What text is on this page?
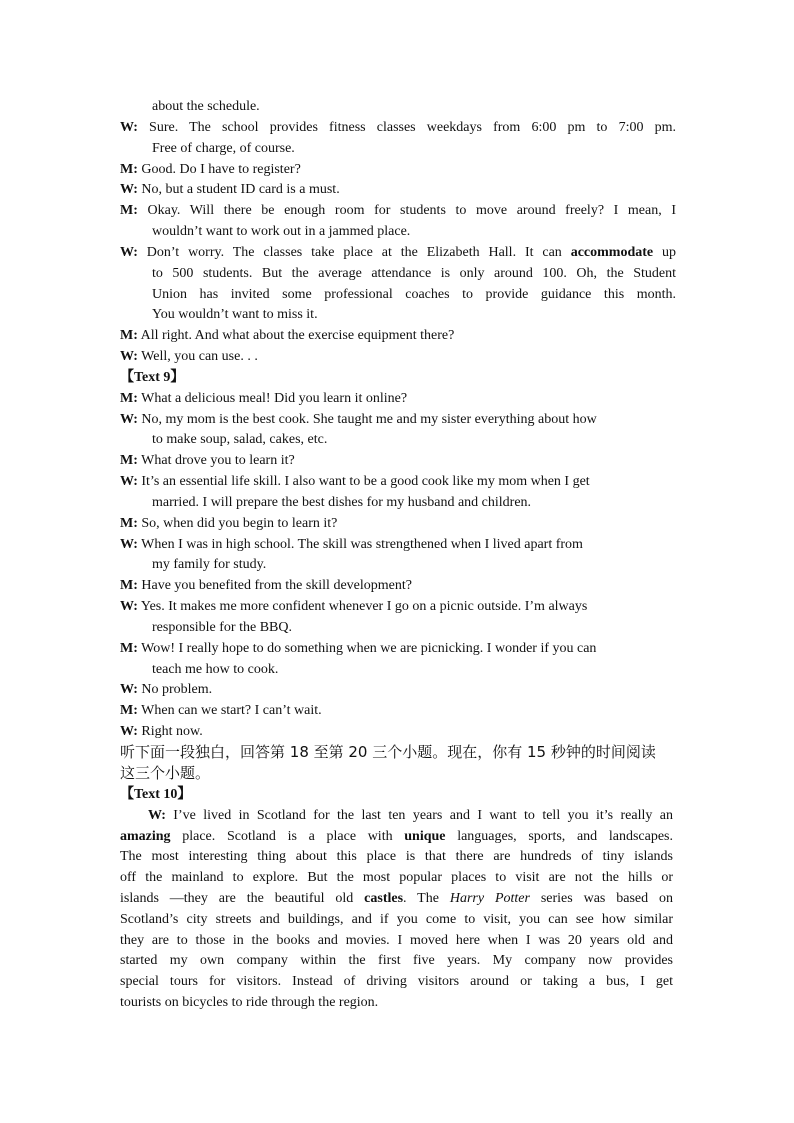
about the schedule.
W: Sure. The school provides fitness classes weekdays from 6:00 pm to 7:00 pm.
Free of charge, of course.
M: Good. Do I have to register?
W: No, but a student ID card is a must.
M: Okay. Will there be enough room for students to move around freely? I mean, I
wouldn’t want to work out in a jammed place.
W: Don’t worry. The classes take place at the Elizabeth Hall. It can accommodate up
to 500 students. But the average attendance is only around 100. Oh, the Student
Union has invited some professional coaches to provide guidance this month.
You wouldn’t want to miss it.
M: All right. And what about the exercise equipment there?
W: Well, you can use. . .
【Text 9】
M: What a delicious meal! Did you learn it online?
W: No, my mom is the best cook. She taught me and my sister everything about how
to make soup, salad, cakes, etc.
M: What drove you to learn it?
W: It’s an essential life skill. I also want to be a good cook like my mom when I get
married. I will prepare the best dishes for my husband and children.
M: So, when did you begin to learn it?
W: When I was in high school. The skill was strengthened when I lived apart from
my family for study.
M: Have you benefited from the skill development?
W: Yes. It makes me more confident whenever I go on a picnic outside. I’m always
responsible for the BBQ.
M: Wow! I really hope to do something when we are picnicking. I wonder if you can
teach me how to cook.
W: No problem.
M: When can we start? I can’t wait.
W: Right now.
听下面一段独白，回答第 18 至第 20 三个小题。现在，你有 15 秒钟的时间阅读
这三个小题。
【Text 10】
W: I’ve lived in Scotland for the last ten years and I want to tell you it’s really an
amazing place. Scotland is a place with unique languages, sports, and landscapes.
The most interesting thing about this place is that there are hundreds of tiny islands
off the mainland to explore. But the most popular places to visit are not the hills or
islands —they are the beautiful old castles. The Harry Potter series was based on
Scotland’s city streets and buildings, and if you come to visit, you can see how similar
they are to those in the books and movies. I moved here when I was 20 years old and
started my own company within the first five years. My company now provides
special tours for visitors. Instead of driving visitors around or taking a bus, I get
tourists on bicycles to ride through the region.
